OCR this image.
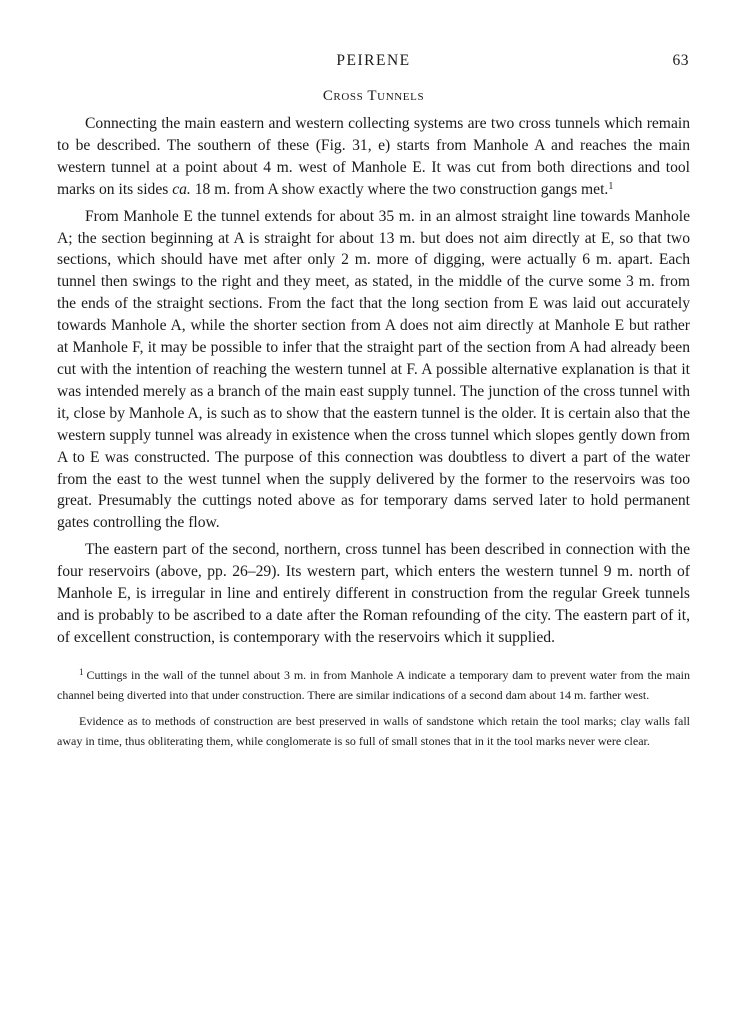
PEIRENE	63
Cross Tunnels

Connecting the main eastern and western collecting systems are two cross tunnels which remain to be described. The southern of these (Fig. 31, e) starts from Manhole A and reaches the main western tunnel at a point about 4 m. west of Manhole E. It was cut from both directions and tool marks on its sides ca. 18 m. from A show exactly where the two construction gangs met.$^1$

From Manhole E the tunnel extends for about 35 m. in an almost straight line towards Manhole A; the section beginning at A is straight for about 13 m. but does not aim directly at E, so that two sections, which should have met after only 2 m. more of digging, were actually 6 m. apart. Each tunnel then swings to the right and they meet, as stated, in the middle of the curve some 3 m. from the ends of the straight sections. From the fact that the long section from E was laid out accurately towards Manhole A, while the shorter section from A does not aim directly at Manhole E but rather at Manhole F, it may be possible to infer that the straight part of the section from A had already been cut with the intention of reaching the western tunnel at F. A possible alternative explanation is that it was intended merely as a branch of the main east supply tunnel. The junction of the cross tunnel with it, close by Manhole A, is such as to show that the eastern tunnel is the older. It is certain also that the western supply tunnel was already in existence when the cross tunnel which slopes gently down from A to E was constructed. The purpose of this connection was doubtless to divert a part of the water from the east to the west tunnel when the supply delivered by the former to the reservoirs was too great. Presumably the cuttings noted above as for temporary dams served later to hold permanent gates controlling the flow.

The eastern part of the second, northern, cross tunnel has been described in connection with the four reservoirs (above, pp. 26–29). Its western part, which enters the western tunnel 9 m. north of Manhole E, is irregular in line and entirely different in construction from the regular Greek tunnels and is probably to be ascribed to a date after the Roman refounding of the city. The eastern part of it, of excellent construction, is contemporary with the reservoirs which it supplied.

$^1$ Cuttings in the wall of the tunnel about 3 m. in from Manhole A indicate a temporary dam to prevent water from the main channel being diverted into that under construction. There are similar indications of a second dam about 14 m. farther west.

Evidence as to methods of construction are best preserved in walls of sandstone which retain the tool marks; clay walls fall away in time, thus obliterating them, while conglomerate is so full of small stones that in it the tool marks never were clear.
